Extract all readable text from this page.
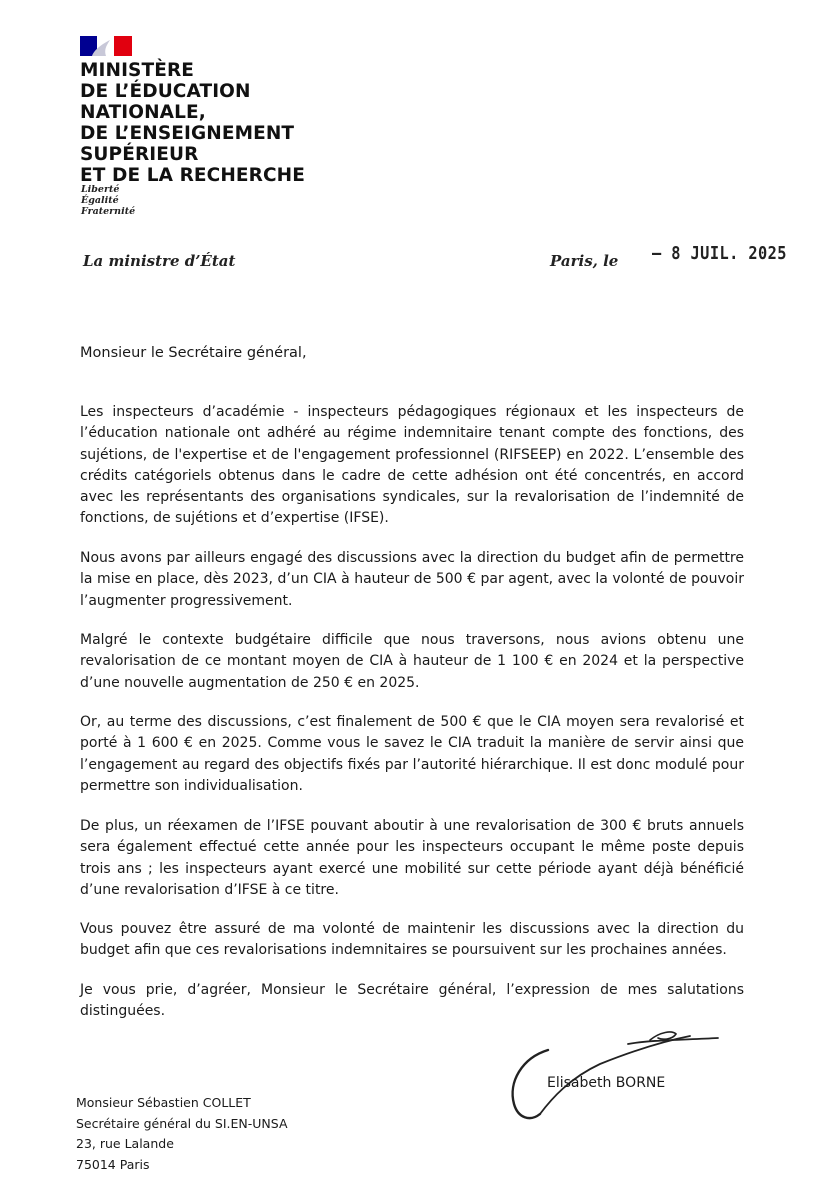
MINISTÈRE
DE L’ÉDUCATION
NATIONALE,
DE L’ENSEIGNEMENT
SUPÉRIEUR
ET DE LA RECHERCHE
Liberté
Égalité
Fraternité
La ministre d’État	Paris, le – 8 JUIL. 2025
Monsieur le Secrétaire général,
Les inspecteurs d’académie - inspecteurs pédagogiques régionaux et les inspecteurs de l’éducation nationale ont adhéré au régime indemnitaire tenant compte des fonctions, des sujétions, de l'expertise et de l'engagement professionnel (RIFSEEP) en 2022. L’ensemble des crédits catégoriels obtenus dans le cadre de cette adhésion ont été concentrés, en accord avec les représentants des organisations syndicales, sur la revalorisation de l’indemnité de fonctions, de sujétions et d’expertise (IFSE).
Nous avons par ailleurs engagé des discussions avec la direction du budget afin de permettre la mise en place, dès 2023, d’un CIA à hauteur de 500 € par agent, avec la volonté de pouvoir l’augmenter progressivement.
Malgré le contexte budgétaire difficile que nous traversons, nous avions obtenu une revalorisation de ce montant moyen de CIA à hauteur de 1 100 € en 2024 et la perspective d’une nouvelle augmentation de 250 € en 2025.
Or, au terme des discussions, c’est finalement de 500 € que le CIA moyen sera revalorisé et porté à 1 600 € en 2025. Comme vous le savez le CIA traduit la manière de servir ainsi que l’engagement au regard des objectifs fixés par l’autorité hiérarchique. Il est donc modulé pour permettre son individualisation.
De plus, un réexamen de l’IFSE pouvant aboutir à une revalorisation de 300 € bruts annuels sera également effectué cette année pour les inspecteurs occupant le même poste depuis trois ans ; les inspecteurs ayant exercé une mobilité sur cette période ayant déjà bénéficié d’une revalorisation d’IFSE à ce titre.
Vous pouvez être assuré de ma volonté de maintenir les discussions avec la direction du budget afin que ces revalorisations indemnitaires se poursuivent sur les prochaines années.
Je vous prie, d’agréer, Monsieur le Secrétaire général, l’expression de mes salutations distinguées.
Elisabeth BORNE
Monsieur Sébastien COLLET
Secrétaire général du SI.EN-UNSA
23, rue Lalande
75014 Paris
